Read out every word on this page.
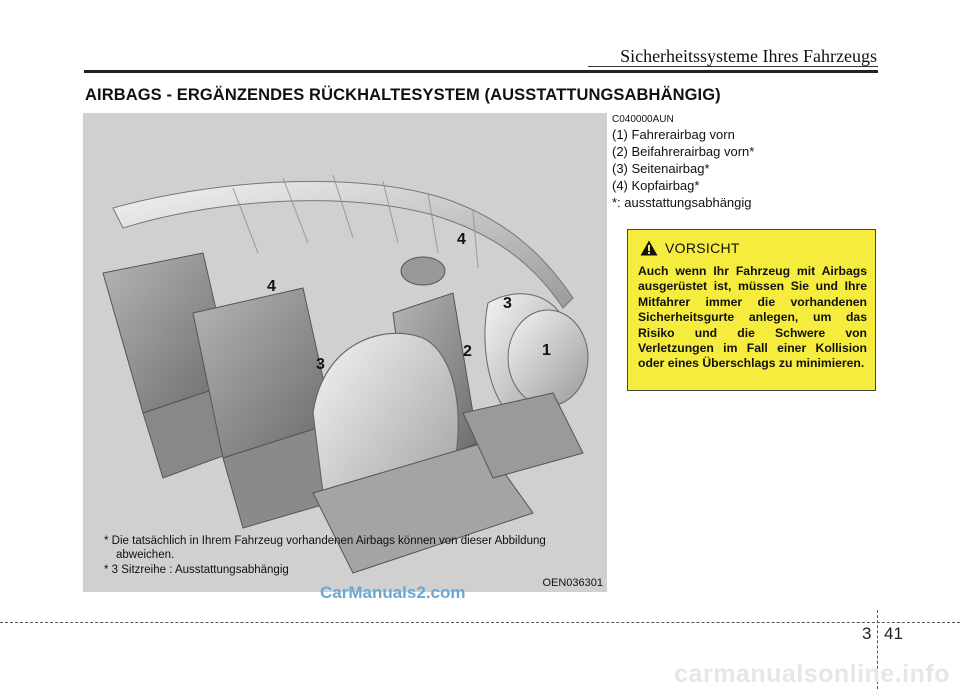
Sicherheitssysteme Ihres Fahrzeugs
AIRBAGS - ERGÄNZENDES RÜCKHALTESYSTEM (AUSSTATTUNGSABHÄNGIG)
4
4
3
3
2	1
* Die tatsächlich in Ihrem Fahrzeug vorhandenen Airbags können von dieser Abbildung
abweichen.
* 3 Sitzreihe : Ausstattungsabhängig
OEN036301
C040000AUN
(1) Fahrerairbag vorn
(2) Beifahrerairbag vorn*
(3) Seitenairbag*
(4) Kopfairbag*
*: ausstattungsabhängig
VORSICHT
Auch wenn Ihr Fahrzeug mit Airbags ausgerüstet ist, müssen Sie und Ihre Mitfahrer immer die vorhandenen Sicherheitsgurte anlegen, um das Risiko und die Schwere von Verletzungen im Fall einer Kollision oder eines Überschlags zu minimieren.
CarManuals2.com
3 41
carmanualsonline.info
